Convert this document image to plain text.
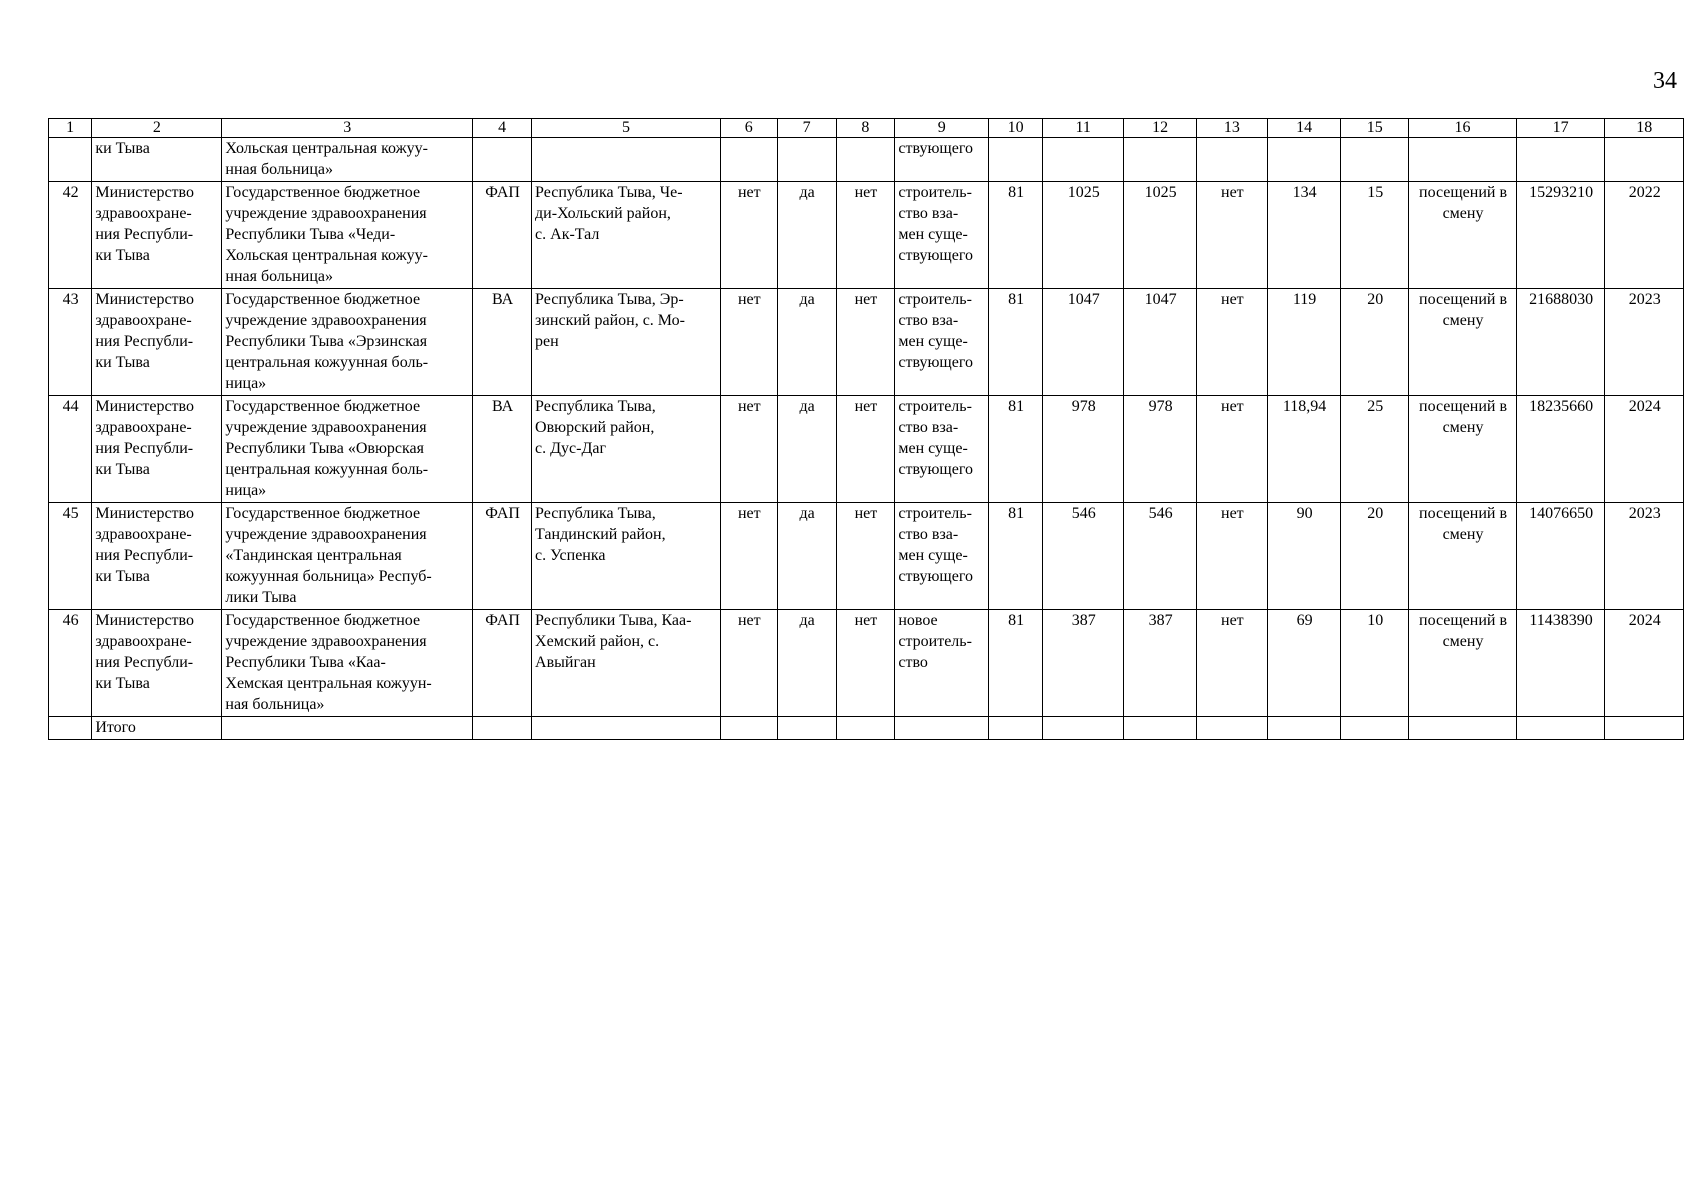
34
1	2	3	4	5	6	7	8	9	10	11	12	13	14	15	16	17	18
	ки Тыва	Хольская центральная кожуу-
нная больница»						ствующего									
42	Министерство
здравоохране-
ния Республи-
ки Тыва	Государственное бюджетное
учреждение здравоохранения
Республики Тыва «Чеди-
Хольская центральная кожуу-
нная больница»	ФАП	Республика Тыва, Че-
ди-Хольский район,
с. Ак-Тал	нет	да	нет	строитель-
ство вза-
мен суще-
ствующего	81	1025	1025	нет	134	15	посещений в
смену	15293210	2022
43	Министерство
здравоохране-
ния Республи-
ки Тыва	Государственное бюджетное
учреждение здравоохранения
Республики Тыва «Эрзинская
центральная кожуунная боль-
ница»	ВА	Республика Тыва, Эр-
зинский район, с. Мо-
рен	нет	да	нет	строитель-
ство вза-
мен суще-
ствующего	81	1047	1047	нет	119	20	посещений в
смену	21688030	2023
44	Министерство
здравоохране-
ния Республи-
ки Тыва	Государственное бюджетное
учреждение здравоохранения
Республики Тыва «Овюрская
центральная кожуунная боль-
ница»	ВА	Республика Тыва,
Овюрский район,
с. Дус-Даг	нет	да	нет	строитель-
ство вза-
мен суще-
ствующего	81	978	978	нет	118,94	25	посещений в
смену	18235660	2024
45	Министерство
здравоохране-
ния Республи-
ки Тыва	Государственное бюджетное
учреждение здравоохранения
«Тандинская центральная
кожуунная больница» Респуб-
лики Тыва	ФАП	Республика Тыва,
Тандинский район,
с. Успенка	нет	да	нет	строитель-
ство вза-
мен суще-
ствующего	81	546	546	нет	90	20	посещений в
смену	14076650	2023
46	Министерство
здравоохране-
ния Республи-
ки Тыва	Государственное бюджетное
учреждение здравоохранения
Республики Тыва «Каа-
Хемская центральная кожуун-
ная больница»	ФАП	Республики Тыва, Каа-
Хемский район, с.
Авыйган	нет	да	нет	новое
строитель-
ство	81	387	387	нет	69	10	посещений в
смену	11438390	2024
	Итого																
